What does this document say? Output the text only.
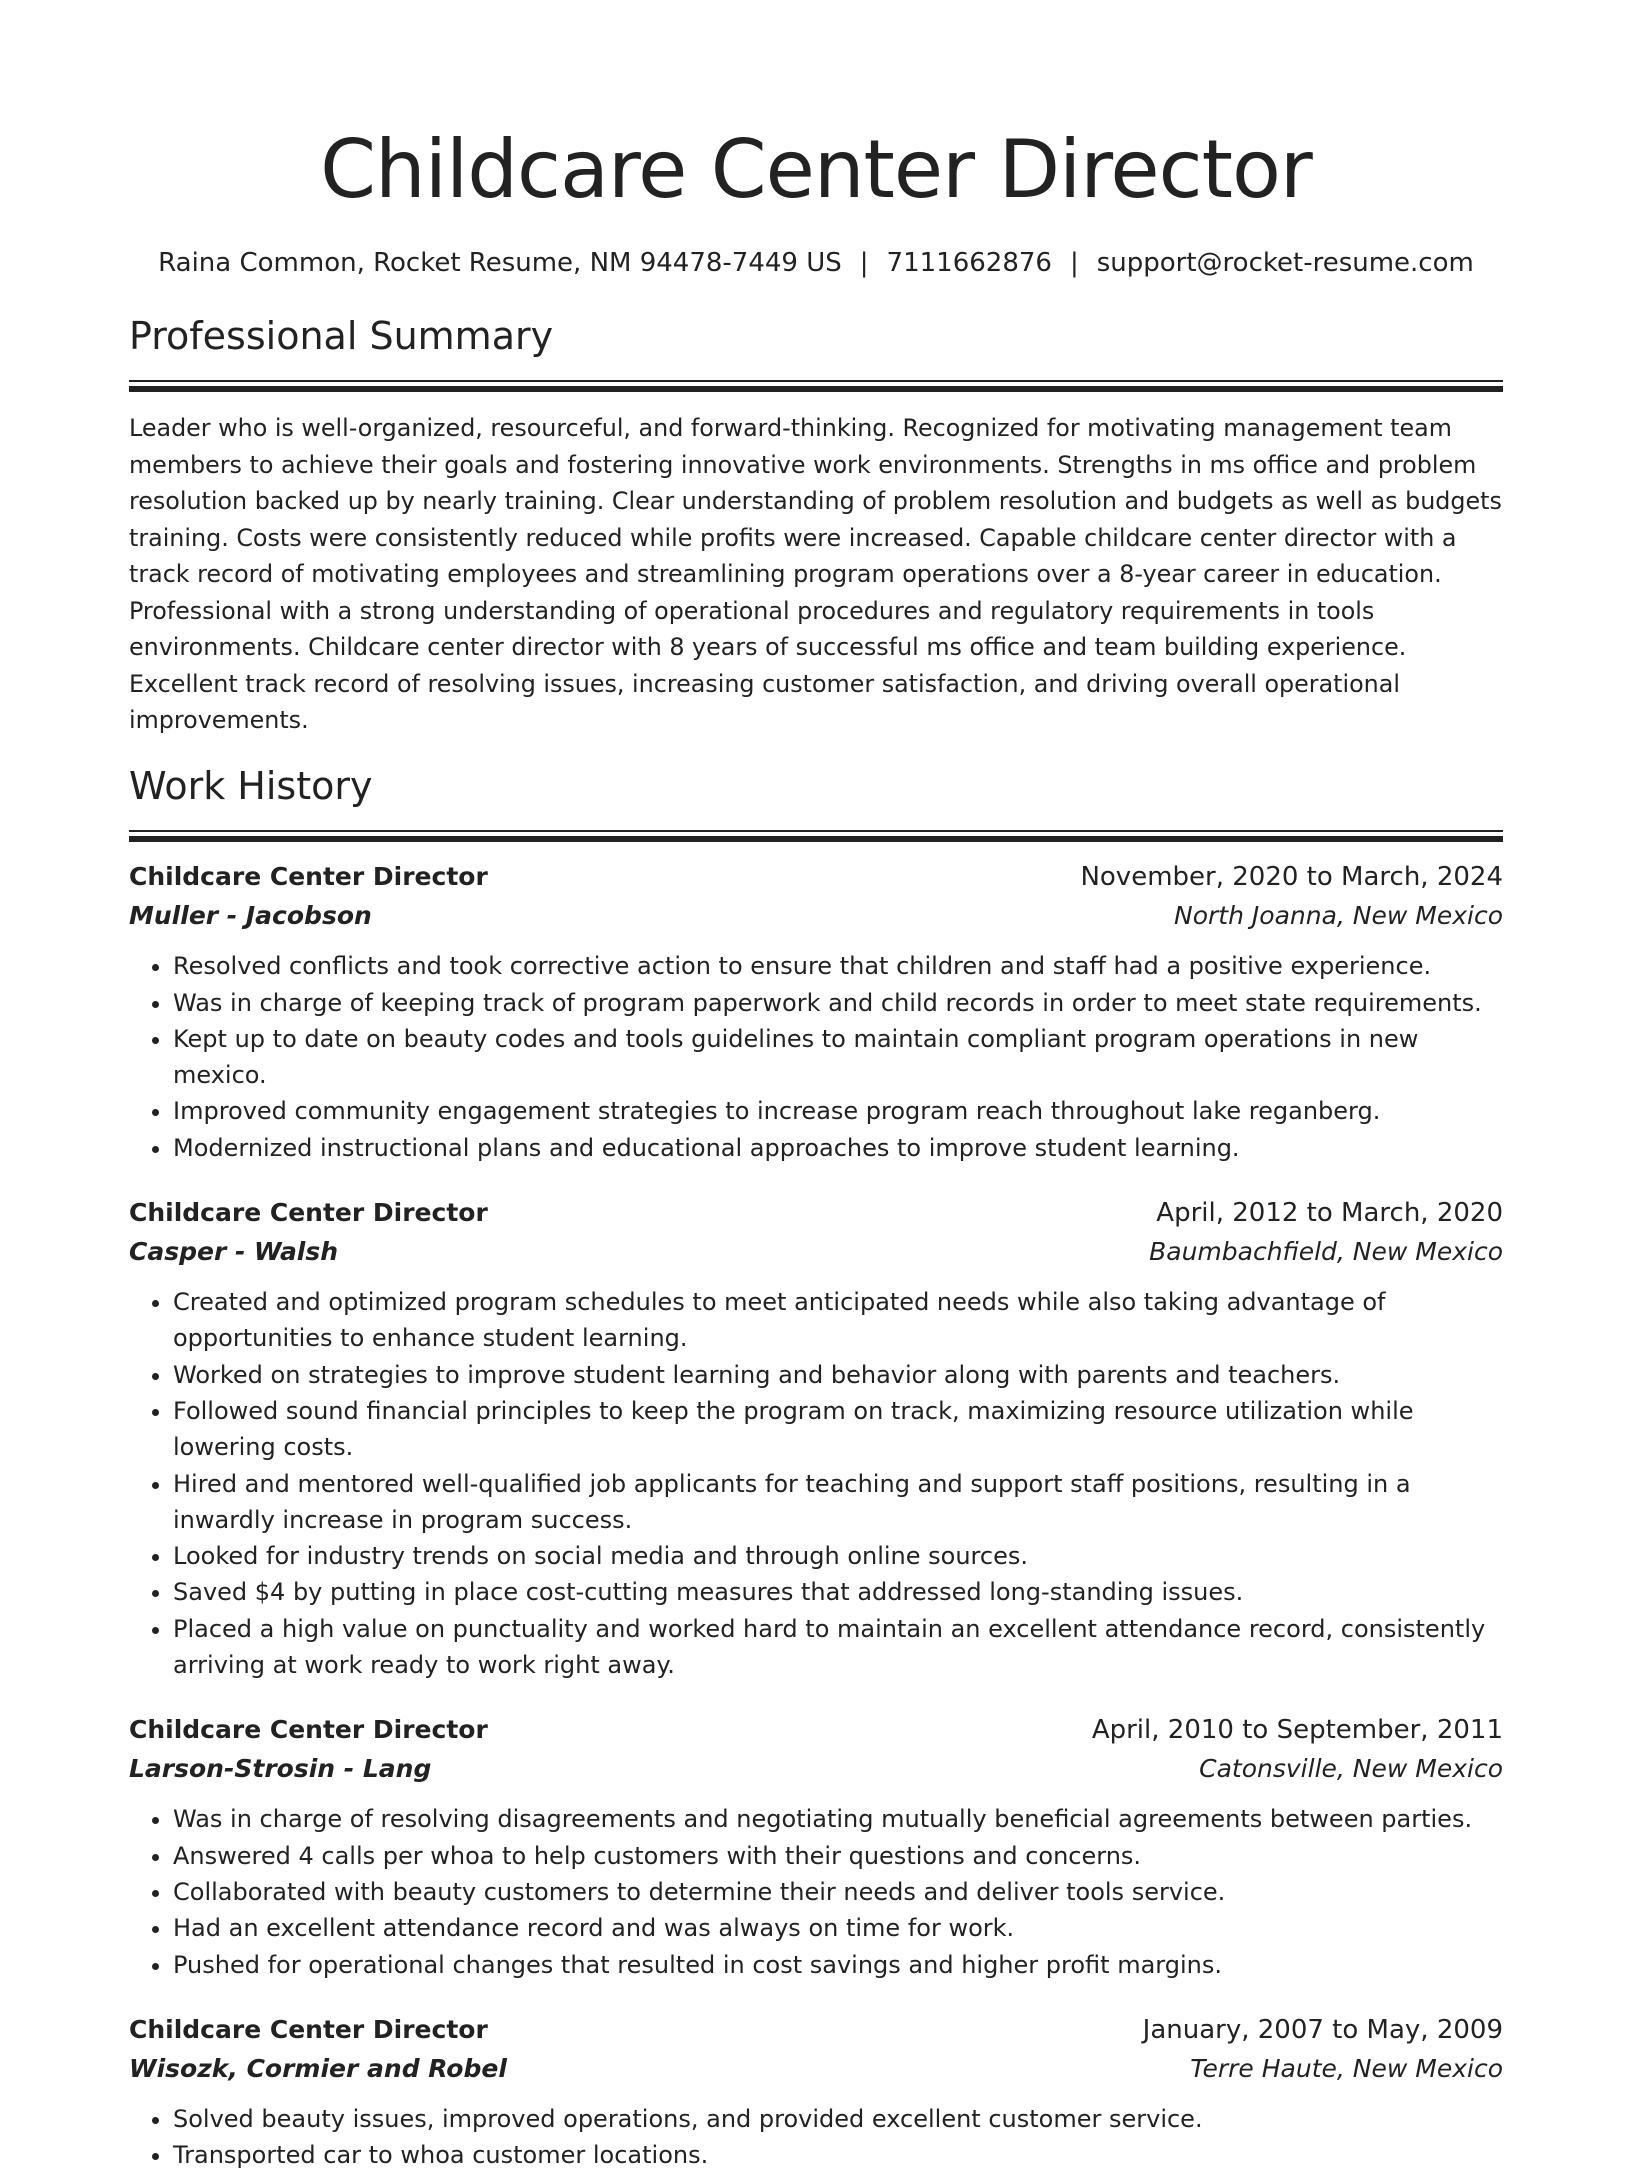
Childcare Center Director
Raina Common, Rocket Resume, NM 94478-7449 US | 7111662876 | support@rocket-resume.com
Professional Summary

Leader who is well-organized, resourceful, and forward-thinking. Recognized for motivating management team members to achieve their goals and fostering innovative work environments. Strengths in ms office and problem resolution backed up by nearly training. Clear understanding of problem resolution and budgets as well as budgets training. Costs were consistently reduced while profits were increased. Capable childcare center director with a track record of motivating employees and streamlining program operations over a 8-year career in education. Professional with a strong understanding of operational procedures and regulatory requirements in tools environments. Childcare center director with 8 years of successful ms office and team building experience. Excellent track record of resolving issues, increasing customer satisfaction, and driving overall operational improvements.

Work History
Childcare Center Director	November, 2020 to March, 2024
Muller - Jacobson	North Joanna, New Mexico
• Resolved conflicts and took corrective action to ensure that children and staff had a positive experience.
• Was in charge of keeping track of program paperwork and child records in order to meet state requirements.
• Kept up to date on beauty codes and tools guidelines to maintain compliant program operations in new mexico.
• Improved community engagement strategies to increase program reach throughout lake reganberg.
• Modernized instructional plans and educational approaches to improve student learning.
Childcare Center Director	April, 2012 to March, 2020
Casper - Walsh	Baumbachfield, New Mexico
• Created and optimized program schedules to meet anticipated needs while also taking advantage of opportunities to enhance student learning.
• Worked on strategies to improve student learning and behavior along with parents and teachers.
• Followed sound financial principles to keep the program on track, maximizing resource utilization while lowering costs.
• Hired and mentored well-qualified job applicants for teaching and support staff positions, resulting in a inwardly increase in program success.
• Looked for industry trends on social media and through online sources.
• Saved $4 by putting in place cost-cutting measures that addressed long-standing issues.
• Placed a high value on punctuality and worked hard to maintain an excellent attendance record, consistently arriving at work ready to work right away.
Childcare Center Director	April, 2010 to September, 2011
Larson-Strosin - Lang	Catonsville, New Mexico
• Was in charge of resolving disagreements and negotiating mutually beneficial agreements between parties.
• Answered 4 calls per whoa to help customers with their questions and concerns.
• Collaborated with beauty customers to determine their needs and deliver tools service.
• Had an excellent attendance record and was always on time for work.
• Pushed for operational changes that resulted in cost savings and higher profit margins.
Childcare Center Director	January, 2007 to May, 2009
Wisozk, Cormier and Robel	Terre Haute, New Mexico
• Solved beauty issues, improved operations, and provided excellent customer service.
• Transported car to whoa customer locations.
